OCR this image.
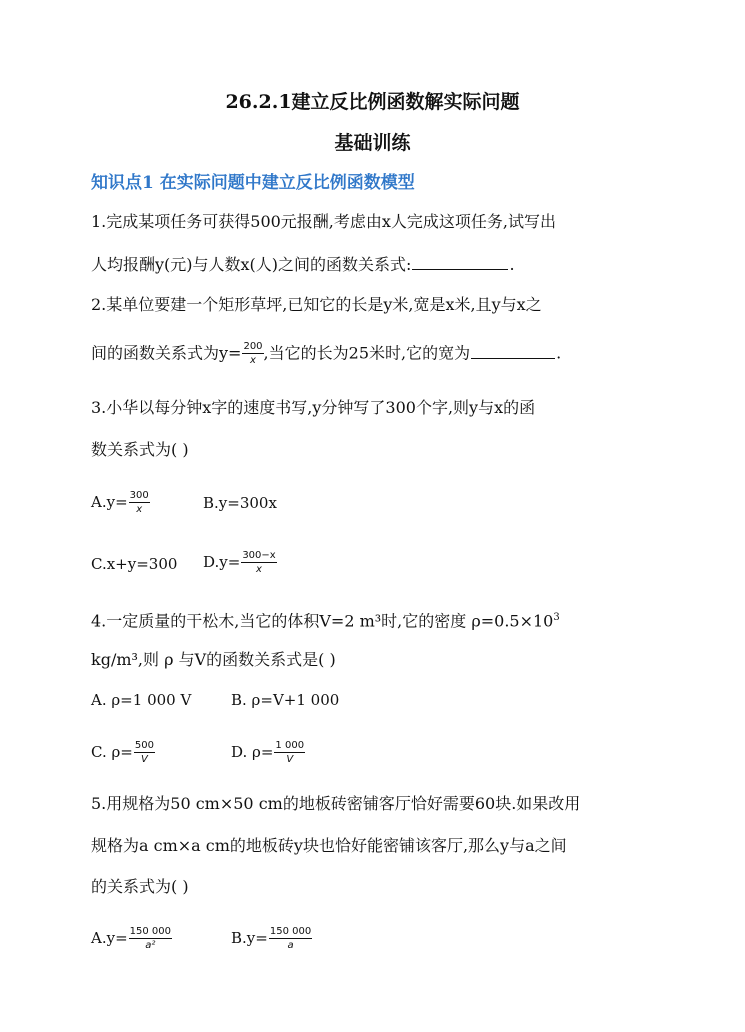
26.2.1建立反比例函数解实际问题
基础训练
知识点1 在实际问题中建立反比例函数模型
1.完成某项任务可获得500元报酬,考虑由x人完成这项任务,试写出
人均报酬y(元)与人数x(人)之间的函数关系式:	.
2.某单位要建一个矩形草坪,已知它的长是y米,宽是x米,且y与x之
间的函数关系式为$y= \frac{200}{x}$ ,当它的长为25米时,它的宽为	.
3.小华以每分钟x字的速度书写,y分钟写了300个字,则y与x的函
数关系式为( )
$A.y= \frac{300}{x}$	B.y=300x
C.x+y=300 $D.y= \frac{300-x}{x}$
4.一定质量的干松木,当它的体积V=2 m³时,它的密度 $\rho=0.5\times 10^3$
kg/m³,则 ρ 与V的函数关系式是( )
A. ρ=1 000 V	B. ρ=V+1 000
C. $\rho= \frac{500}{V}$	D. $\rho= \frac{1 000}{V}$
5.用规格为50 cm×50 cm的地板砖密铺客厅恰好需要60块.如果改用
规格为a cm×a cm的地板砖y块也恰好能密铺该客厅,那么y与a之间
的关系式为( )
$A.y= \frac{150 000}{\text{a²}}$	$B.y= \frac{150 000}{a}$
